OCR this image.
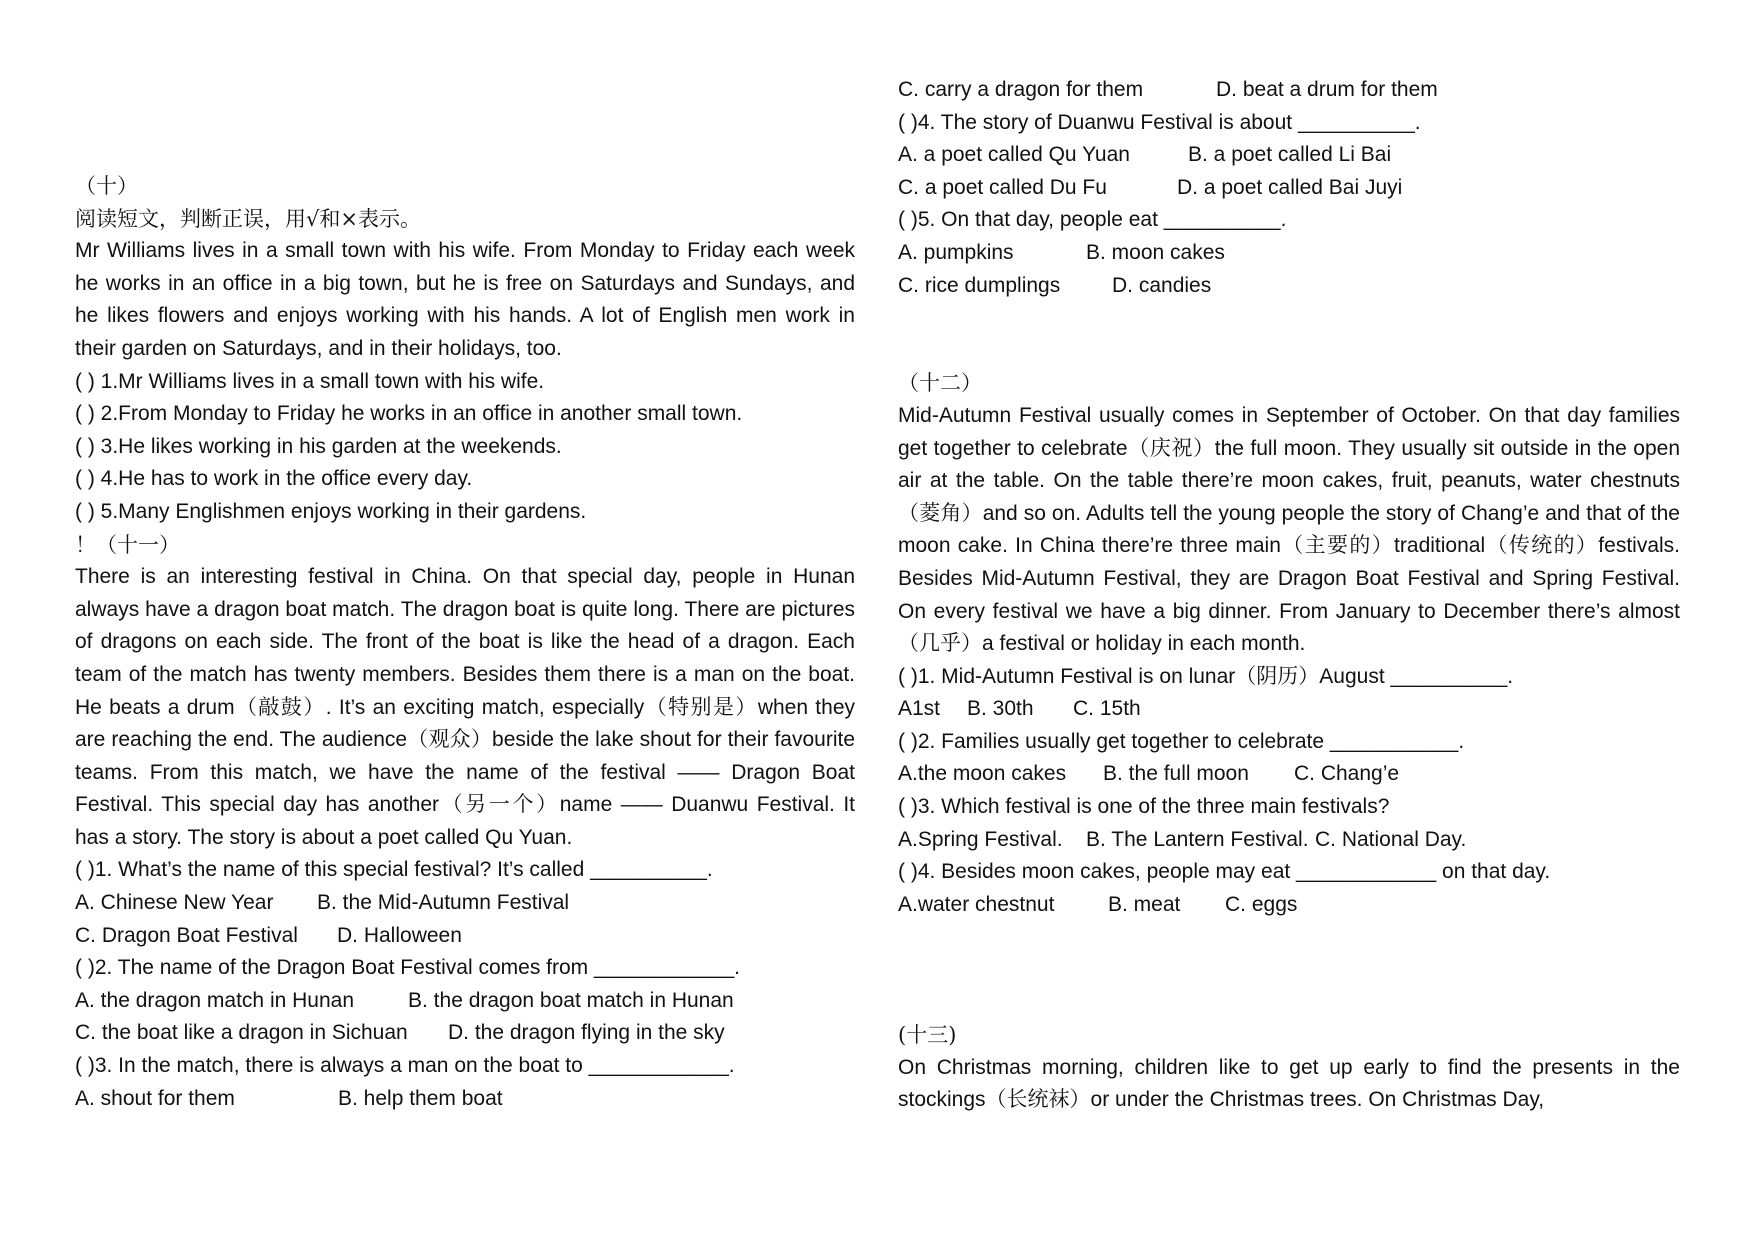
（十）
阅读短文，判断正误，用√和×表示。
Mr Williams lives in a small town with his wife. From Monday to Friday each week he works in an office in a big town, but he is free on Saturdays and Sundays, and he likes flowers and enjoys working with his hands. A lot of English men work in their garden on Saturdays, and in their holidays, too.
( ) 1.Mr Williams lives in a small town with his wife.
( ) 2.From Monday to Friday he works in an office in another small town.
( ) 3.He likes working in his garden at the weekends.
( ) 4.He has to work in the office every day.
( ) 5.Many Englishmen enjoys working in their gardens.
！（十一）
There is an interesting festival in China. On that special day, people in Hunan always have a dragon boat match. The dragon boat is quite long. There are pictures of dragons on each side. The front of the boat is like the head of a dragon. Each team of the match has twenty members. Besides them there is a man on the boat. He beats a drum（敲鼓）. It’s an exciting match, especially（特别是）when they are reaching the end. The audience（观众）beside the lake shout for their favourite teams. From this match, we have the name of the festival —— Dragon Boat Festival. This special day has another（另一个）name —— Duanwu Festival. It has a story. The story is about a poet called Qu Yuan.
( )1. What’s the name of this special festival? It’s called __________.
A. Chinese New Year B. the Mid-Autumn Festival
C. Dragon Boat Festival D. Halloween
( )2. The name of the Dragon Boat Festival comes from ____________.
A. the dragon match in Hunan	B. the dragon boat match in Hunan
C. the boat like a dragon in Sichuan D. the dragon flying in the sky
( )3. In the match, there is always a man on the boat to ____________.
A. shout for them	B. help them boat
C. carry a dragon for them	D. beat a drum for them
( )4. The story of Duanwu Festival is about __________.
A. a poet called Qu Yuan	B. a poet called Li Bai
C. a poet called Du Fu	D. a poet called Bai Juyi
( )5. On that day, people eat __________.
A. pumpkins	B. moon cakes
C. rice dumplings D. candies
（十二）
Mid-Autumn Festival usually comes in September of October. On that day families get together to celebrate（庆祝）the full moon. They usually sit outside in the open air at the table. On the table there’re moon cakes, fruit, peanuts, water chestnuts（菱角）and so on. Adults tell the young people the story of Chang’e and that of the moon cake. In China there’re three main（主要的）traditional（传统的）festivals. Besides Mid-Autumn Festival, they are Dragon Boat Festival and Spring Festival. On every festival we have a big dinner. From January to December there’s almost（几乎）a festival or holiday in each month.
( )1. Mid-Autumn Festival is on lunar（阴历）August __________.
A1st B. 30th C. 15th
( )2. Families usually get together to celebrate ___________.
A.the moon cakes B. the full moon C. Chang’e
( )3. Which festival is one of the three main festivals?
A.Spring Festival. B. The Lantern Festival. C. National Day.
( )4. Besides moon cakes, people may eat ____________ on that day.
A.water chestnut	B. meat C. eggs
(十三)
On Christmas morning, children like to get up early to find the presents in the stockings（长统袜）or under the Christmas trees. On Christmas Day,
